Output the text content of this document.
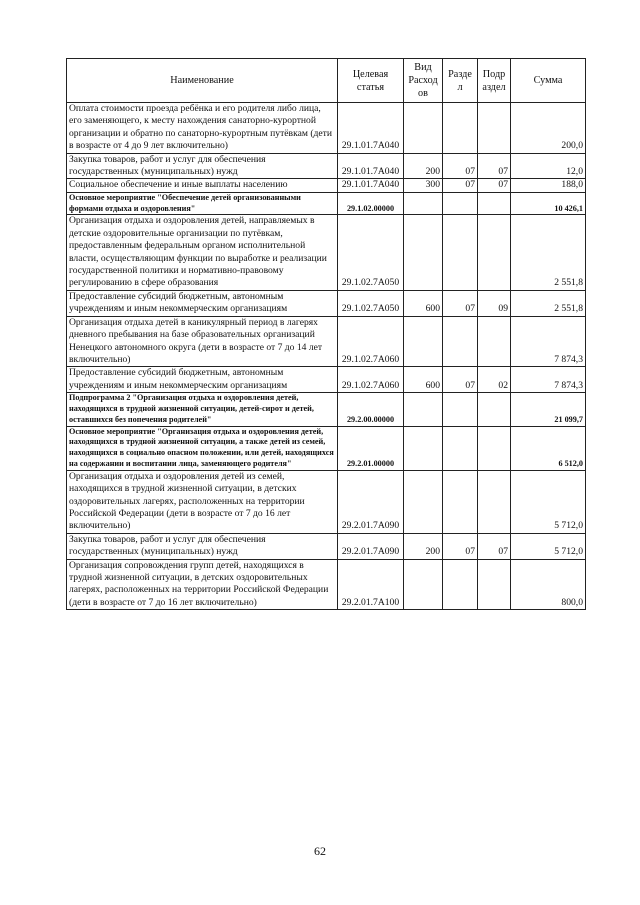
Наименование	Целевая статья	Вид Расход ов	Разде л	Подр аздел	Сумма
Оплата стоимости проезда ребёнка и его родителя либо лица, его заменяющего, к месту нахождения санаторно-курортной организации и обратно по санаторно-курортным путёвкам (дети в возрасте от 4 до 9 лет включительно)	29.1.01.7А040				200,0
Закупка товаров, работ и услуг для обеспечения государственных (муниципальных) нужд	29.1.01.7А040	200	07	07	12,0
Социальное обеспечение и иные выплаты населению	29.1.01.7А040	300	07	07	188,0
Основное мероприятие "Обеспечение детей организованными формами отдыха и оздоровления"	29.1.02.00000				10 426,1
Организация отдыха и оздоровления детей, направляемых в детские оздоровительные организации по путёвкам, предоставленным федеральным органом исполнительной власти, осуществляющим функции по выработке и реализации государственной политики и нормативно-правовому регулированию в сфере образования	29.1.02.7А050				2 551,8
Предоставление субсидий бюджетным, автономным учреждениям и иным некоммерческим организациям	29.1.02.7А050	600	07	09	2 551,8
Организация отдыха детей в каникулярный период в лагерях дневного пребывания на базе образовательных организаций Ненецкого автономного округа (дети в возрасте от 7 до 14 лет включительно)	29.1.02.7А060				7 874,3
Предоставление субсидий бюджетным, автономным учреждениям и иным некоммерческим организациям	29.1.02.7А060	600	07	02	7 874,3
Подпрограмма 2 "Организация отдыха и оздоровления детей, находящихся в трудной жизненной ситуации, детей-сирот и детей, оставшихся без попечения родителей"	29.2.00.00000				21 099,7
Основное мероприятие "Организация отдыха и оздоровления детей, находящихся в трудной жизненной ситуации, а также детей из семей, находящихся в социально опасном положении, или детей, находящихся на содержании и воспитании лица, заменяющего родителя"	29.2.01.00000				6 512,0
Организация отдыха и оздоровления детей из семей, находящихся в трудной жизненной ситуации, в детских оздоровительных лагерях, расположенных на территории Российской Федерации (дети в возрасте от 7 до 16 лет включительно)	29.2.01.7А090				5 712,0
Закупка товаров, работ и услуг для обеспечения государственных (муниципальных) нужд	29.2.01.7А090	200	07	07	5 712,0
Организация сопровождения групп детей, находящихся в трудной жизненной ситуации, в детских оздоровительных лагерях, расположенных на территории Российской Федерации (дети в возрасте от 7 до 16 лет включительно)	29.2.01.7А100				800,0
62
